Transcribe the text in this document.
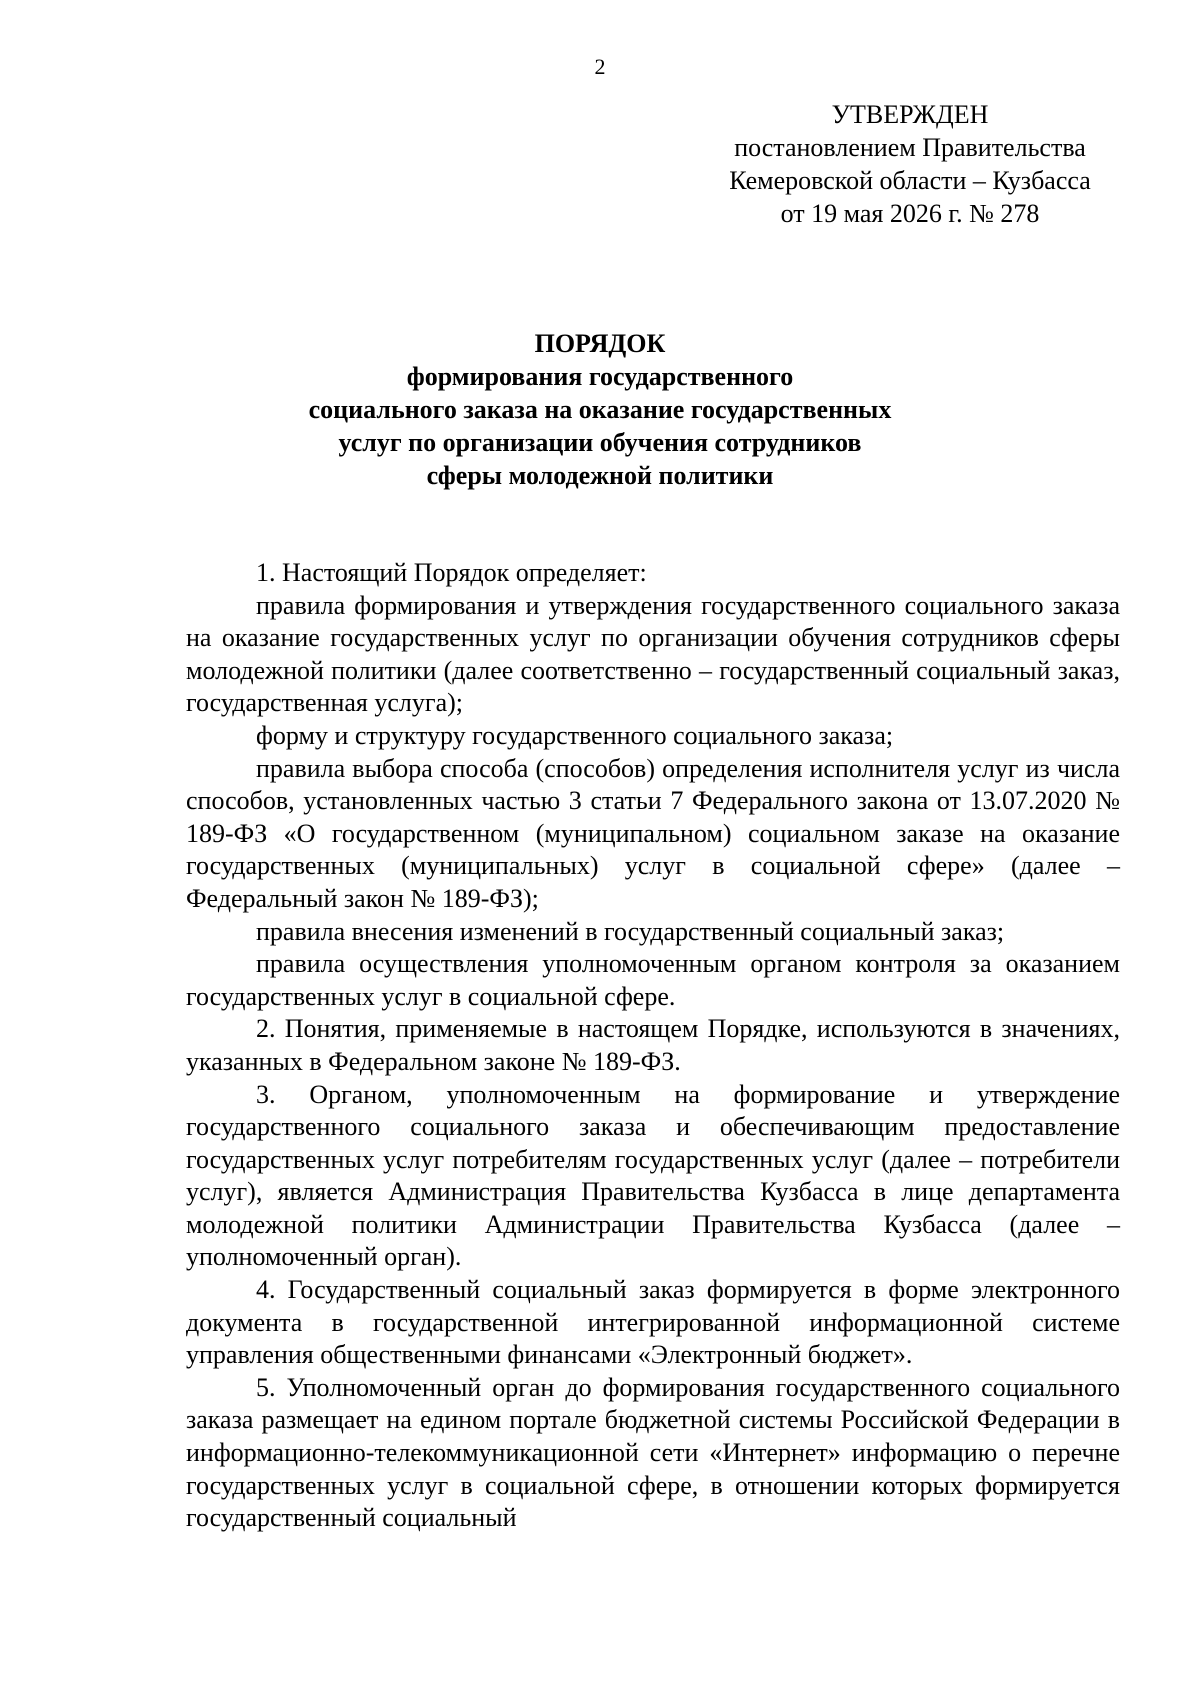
2
УТВЕРЖДЕН
постановлением Правительства
Кемеровской области – Кузбасса
от 19 мая 2026 г. № 278
ПОРЯДОК
формирования государственного
социального заказа на оказание государственных
услуг по организации обучения сотрудников
сферы молодежной политики

1. Настоящий Порядок определяет:

правила формирования и утверждения государственного социального заказа на оказание государственных услуг по организации обучения сотрудников сферы молодежной политики (далее соответственно – государственный социальный заказ, государственная услуга);

форму и структуру государственного социального заказа;

правила выбора способа (способов) определения исполнителя услуг из числа способов, установленных частью 3 статьи 7 Федерального закона от 13.07.2020 № 189-ФЗ «О государственном (муниципальном) социальном заказе на оказание государственных (муниципальных) услуг в социальной сфере» (далее – Федеральный закон № 189-ФЗ);

правила внесения изменений в государственный социальный заказ;

правила осуществления уполномоченным органом контроля за оказанием государственных услуг в социальной сфере.

2. Понятия, применяемые в настоящем Порядке, используются в значениях, указанных в Федеральном законе № 189-ФЗ.

3. Органом, уполномоченным на формирование и утверждение государственного социального заказа и обеспечивающим предоставление государственных услуг потребителям государственных услуг (далее – потребители услуг), является Администрация Правительства Кузбасса в лице департамента молодежной политики Администрации Правительства Кузбасса (далее – уполномоченный орган).

4. Государственный социальный заказ формируется в форме электронного документа в государственной интегрированной информационной системе управления общественными финансами «Электронный бюджет».

5. Уполномоченный орган до формирования государственного социального заказа размещает на едином портале бюджетной системы Российской Федерации в информационно-телекоммуникационной сети «Интернет» информацию о перечне государственных услуг в социальной сфере, в отношении которых формируется государственный социальный
